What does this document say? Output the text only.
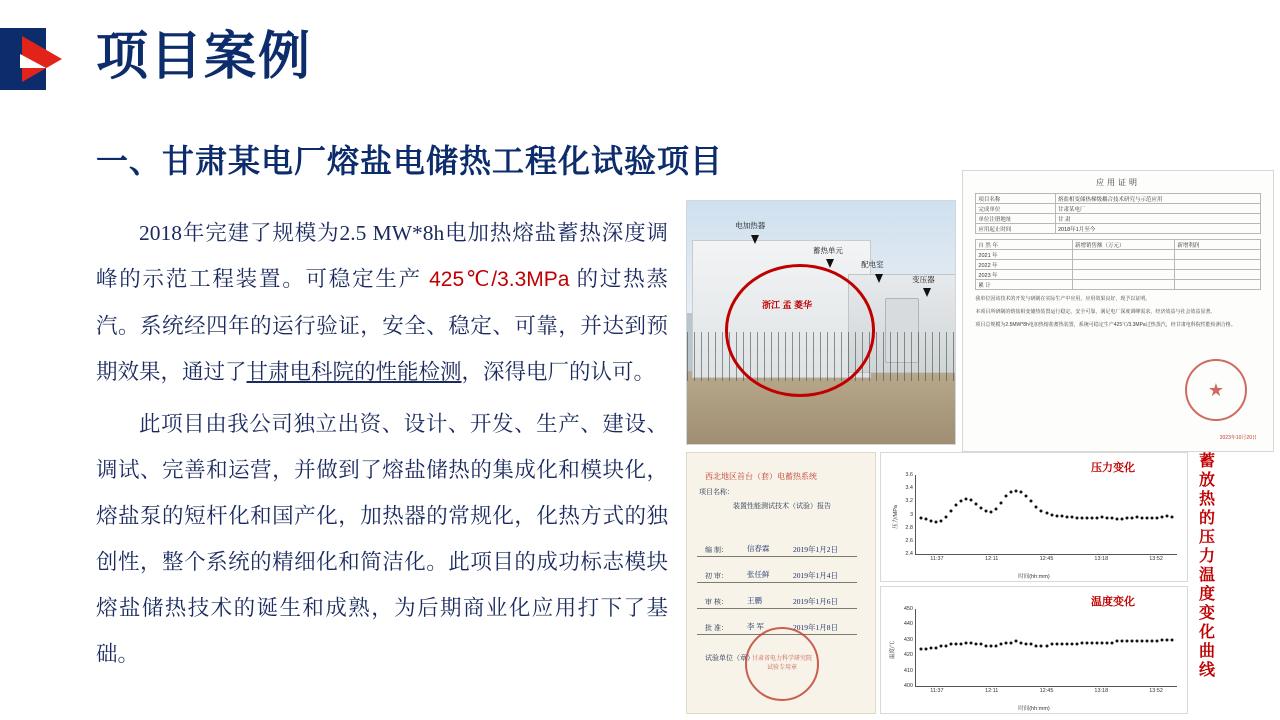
项目案例
一、甘肃某电厂熔盐电储热工程化试验项目

2018年完建了规模为2.5 MW*8h电加热熔盐蓄热深度调峰的示范工程装置。可稳定生产 425℃/3.3MPa 的过热蒸汽。系统经四年的运行验证，安全、稳定、可靠，并达到预期效果，通过了甘肃电科院的性能检测，深得电厂的认可。

此项目由我公司独立出资、设计、开发、生产、建设、调试、完善和运营，并做到了熔盐储热的集成化和模块化，熔盐泵的短杆化和国产化，加热器的常规化，化热方式的独创性，整个系统的精细化和简洁化。此项目的成功标志模块熔盐储热技术的诞生和成熟，为后期商业化应用打下了基础。

浙江 孟 菱华
电加热器
蓄热单元
配电室
变压器
应用证明
项目名称	熔盐相变储热梯级耦合技术研究与示范应用
完成单位	甘肃某电厂
单位注册地址	甘 肃
应用起止时间	2018年1月至今
自 然 年	新增销售额（万元）	新增利润
2021 年		
2022 年		
2023 年		
累 计		
我单位因该技术的开发与研制在实际生产中应用，应用效果良好，现予以证明。
本项目所研制的熔盐相变储热装置运行稳定、安全可靠，满足电厂深度调峰需求，经济效益与社会效益显著。
项目总规模为2.5MW*8h电加热熔盐蓄热装置，系统可稳定生产425℃/3.3MPa过热蒸汽，经甘肃电科院性能检测合格。
★
2023年10月20日
西北地区首台（套）电蓄热系统
项目名称：
装置性能测试技术（试验）报告
编 制：	信春霖	2019年1月2日
初 审：	张任鲜	2019年1月4日
审 核：	王鹏	2019年1月6日
批 准：	李 军	2019年1月8日
试验单位（章）
甘肃省电力科学研究院 试验专用章
压力变化
压力/MPa
时间(hh:mm)
2.4
2.6
2.8
3
3.2
3.4
3.6
11:37	12:11	12:45	13:18	13:52
温度变化
温度/℃
时间(hh:mm)
400
410
420
430
440
450
11:37	12:11	12:45	13:18	13:52
蓄放热的压力温度变化曲线
